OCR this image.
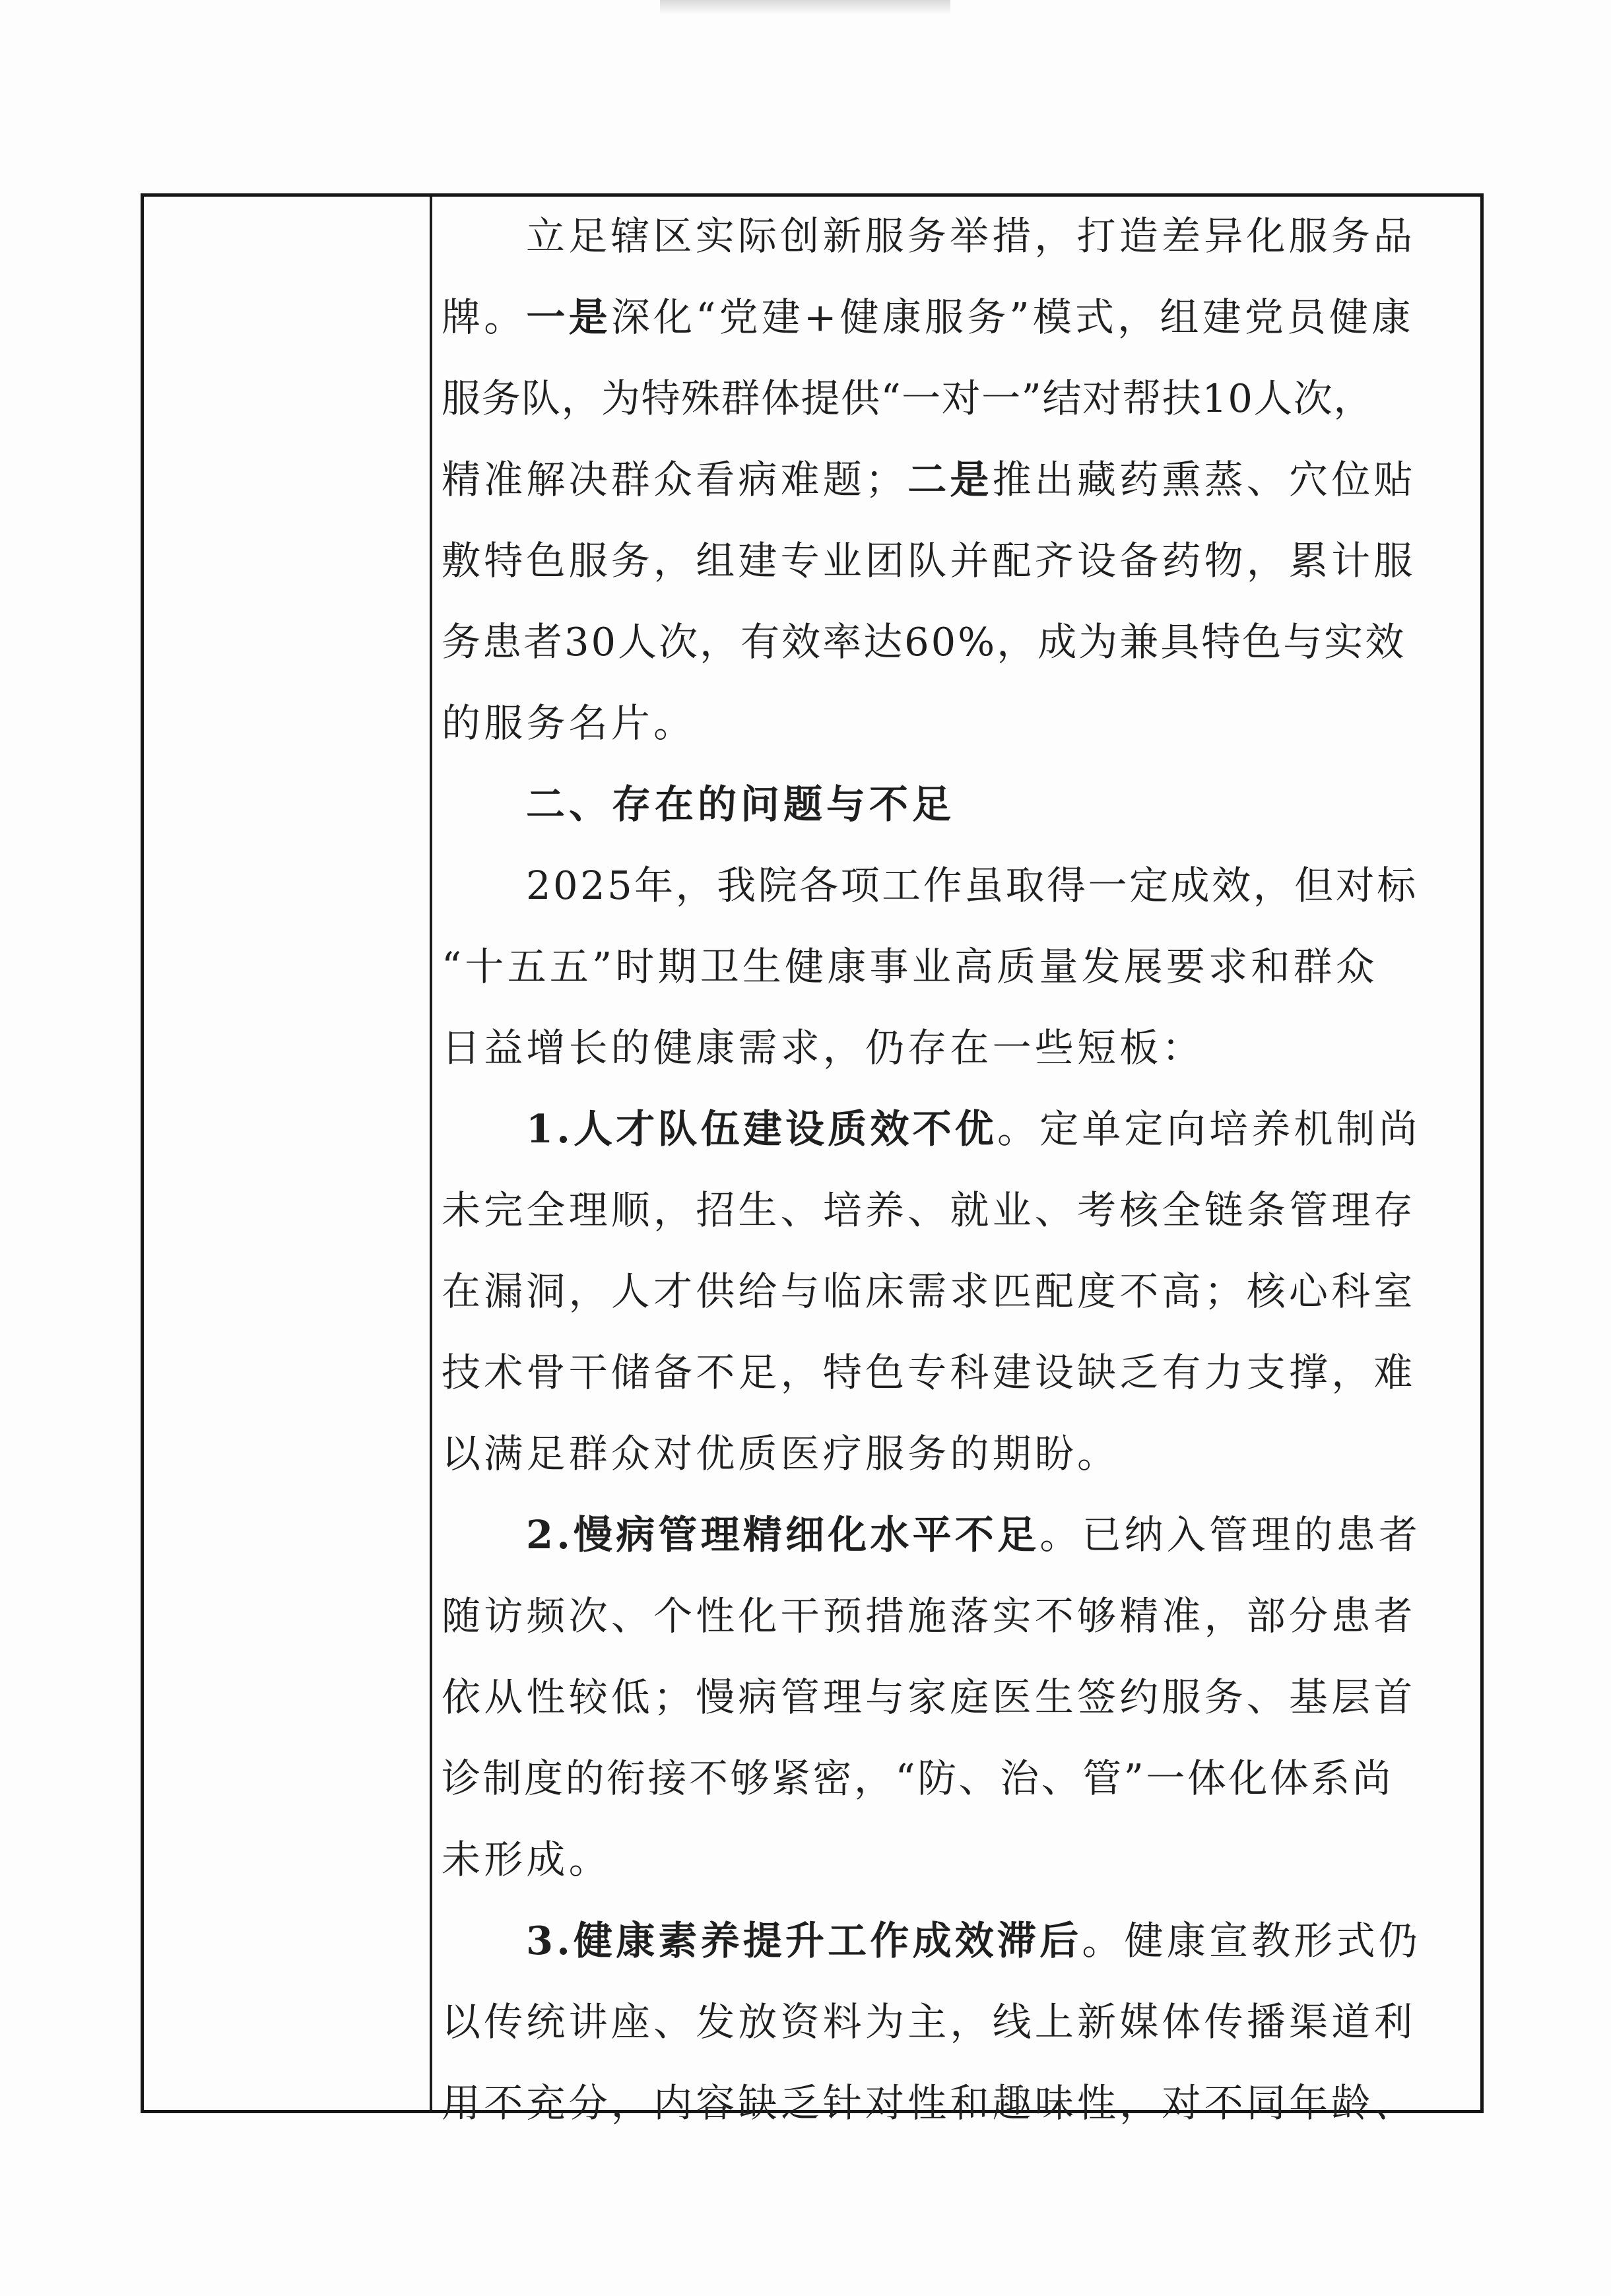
立足辖区实际创新服务举措，打造差异化服务品
牌。一是深化“党建+健康服务”模式，组建党员健康
服务队，为特殊群体提供“一对一”结对帮扶10人次，
精准解决群众看病难题；二是推出藏药熏蒸、穴位贴
敷特色服务，组建专业团队并配齐设备药物，累计服
务患者30人次，有效率达60%，成为兼具特色与实效
的服务名片。
二、存在的问题与不足
2025年，我院各项工作虽取得一定成效，但对标
“十五五”时期卫生健康事业高质量发展要求和群众
日益增长的健康需求，仍存在一些短板：
1.人才队伍建设质效不优。定单定向培养机制尚
未完全理顺，招生、培养、就业、考核全链条管理存
在漏洞，人才供给与临床需求匹配度不高；核心科室
技术骨干储备不足，特色专科建设缺乏有力支撑，难
以满足群众对优质医疗服务的期盼。
2.慢病管理精细化水平不足。已纳入管理的患者
随访频次、个性化干预措施落实不够精准，部分患者
依从性较低；慢病管理与家庭医生签约服务、基层首
诊制度的衔接不够紧密，“防、治、管”一体化体系尚
未形成。
3.健康素养提升工作成效滞后。健康宣教形式仍
以传统讲座、发放资料为主，线上新媒体传播渠道利
用不充分，内容缺乏针对性和趣味性，对不同年龄、
